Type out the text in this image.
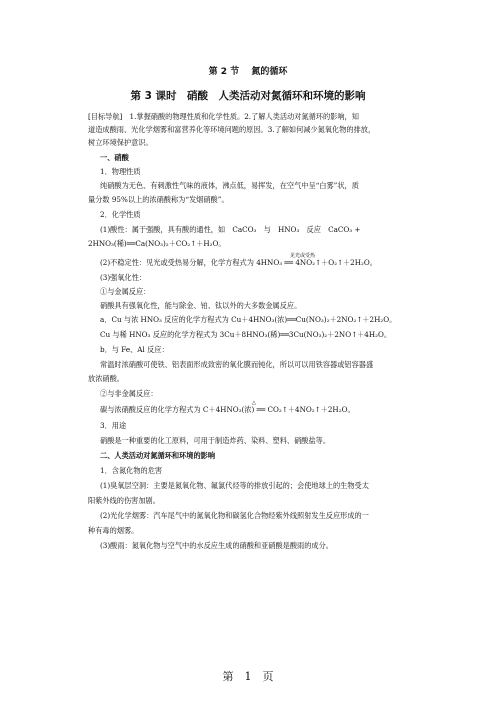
第 2 节　 氮的循环
第 3 课时　硝酸　人类活动对氮循环和环境的影响
[目标导航]　1.掌握硝酸的物理性质和化学性质。2.了解人类活动对氮循环的影响，知
道造成酸雨、光化学烟雾和富营养化等环境问题的原因。3.了解如何减少氮氧化物的排放，
树立环境保护意识。
一、硝酸
1．物理性质
纯硝酸为无色、有刺激性气味的液体，沸点低，易挥发，在空气中呈“白雾”状，质
量分数 95%以上的浓硝酸称为“发烟硝酸”。
2．化学性质
(1)酸性：属于强酸，具有酸的通性，如　CaCO₃　与　HNO₃　反应　CaCO₃ +
2HNO₃(稀)══Ca(NO₃)₂＋CO₂↑＋H₂O。
见光或受热
(2)不稳定性：见光或受热易分解，化学方程式为 4HNO₃ ══ 4NO₂↑＋O₂↑＋2H₂O。
(3)强氧化性：
①与金属反应：
硝酸具有强氧化性，能与除金、铂、钛以外的大多数金属反应。
a．Cu 与浓 HNO₃ 反应的化学方程式为 Cu＋4HNO₃(浓)══Cu(NO₃)₂＋2NO₂↑＋2H₂O。
Cu 与稀 HNO₃ 反应的化学方程式为 3Cu＋8HNO₃(稀)══3Cu(NO₃)₂＋2NO↑＋4H₂O。
b．与 Fe、Al 反应：
常温时浓硝酸可使铁、铝表面形成致密的氧化膜而钝化，所以可以用铁容器或铝容器盛
放浓硝酸。
②与非金属反应：
△
碳与浓硝酸反应的化学方程式为 C＋4HNO₃(浓) ══ CO₂↑＋4NO₂↑＋2H₂O。
3．用途
硝酸是一种重要的化工原料，可用于制造炸药、染料、塑料、硝酸盐等。
二、人类活动对氮循环和环境的影响
1．含氮化物的危害
(1)臭氧层空洞：主要是氮氧化物、氟氯代烃等的排放引起的；会使地球上的生物受太
阳紫外线的伤害加剧。
(2)光化学烟雾：汽车尾气中的氮氧化物和碳氢化合物经紫外线照射发生反应形成的一
种有毒的烟雾。
(3)酸雨：氮氧化物与空气中的水反应生成的硝酸和亚硝酸是酸雨的成分。
第　1　页
